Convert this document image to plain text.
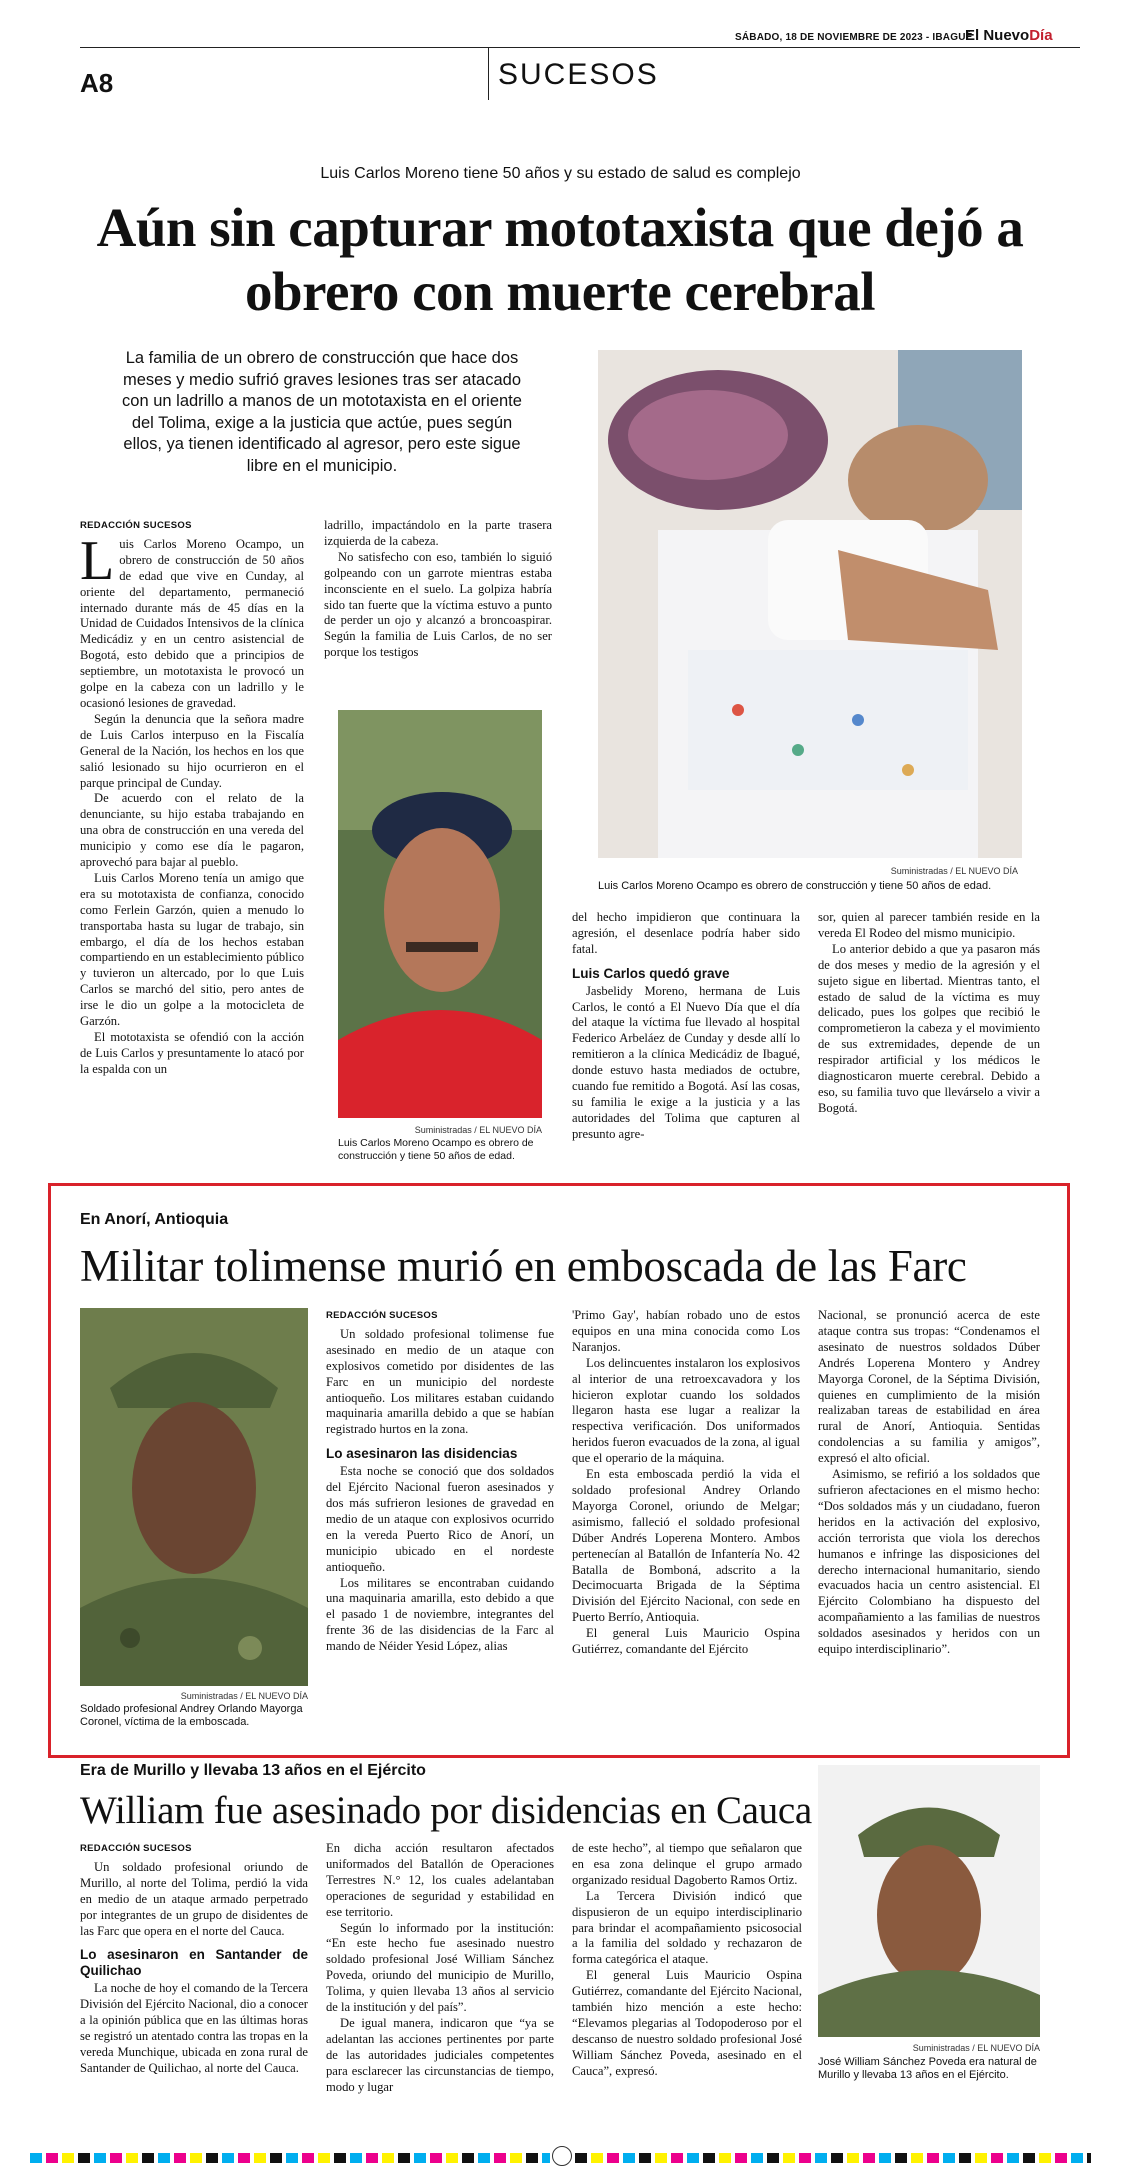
SÁBADO, 18 DE NOVIEMBRE DE 2023 - IBAGUÉ
El NuevoDía
A8	SUCESOS
Luis Carlos Moreno tiene 50 años y su estado de salud es complejo
Aún sin capturar mototaxista que dejó a obrero con muerte cerebral
La familia de un obrero de construcción que hace dos meses y medio sufrió graves lesiones tras ser atacado con un ladrillo a manos de un mototaxista en el oriente del Tolima, exige a la justicia que actúe, pues según ellos, ya tienen identificado al agresor, pero este sigue libre en el municipio.
Suministradas / EL NUEVO DÍA
Luis Carlos Moreno Ocampo es obrero de construcción y tiene 50 años de edad.
REDACCIÓN SUCESOS

Luis Carlos Moreno Ocampo, un obrero de construcción de 50 años de edad que vive en Cunday, al oriente del departamento, permaneció internado durante más de 45 días en la Unidad de Cuidados Intensivos de la clínica Medicádiz y en un centro asistencial de Bogotá, esto debido que a principios de septiembre, un mototaxista le provocó un golpe en la cabeza con un ladrillo y le ocasionó lesiones de gravedad.

Según la denuncia que la señora madre de Luis Carlos interpuso en la Fiscalía General de la Nación, los hechos en los que salió lesionado su hijo ocurrieron en el parque principal de Cunday.

De acuerdo con el relato de la denunciante, su hijo estaba trabajando en una obra de construcción en una vereda del municipio y como ese día le pagaron, aprovechó para bajar al pueblo.

Luis Carlos Moreno tenía un amigo que era su mototaxista de confianza, conocido como Ferlein Garzón, quien a menudo lo transportaba hasta su lugar de trabajo, sin embargo, el día de los hechos estaban compartiendo en un establecimiento público y tuvieron un altercado, por lo que Luis Carlos se marchó del sitio, pero antes de irse le dio un golpe a la motocicleta de Garzón.

El mototaxista se ofendió con la acción de Luis Carlos y presuntamente lo atacó por la espalda con un

ladrillo, impactándolo en la parte trasera izquierda de la cabeza.

No satisfecho con eso, también lo siguió golpeando con un garrote mientras estaba inconsciente en el suelo. La golpiza habría sido tan fuerte que la víctima estuvo a punto de perder un ojo y alcanzó a broncoaspirar. Según la familia de Luis Carlos, de no ser porque los testigos

Suministradas / EL NUEVO DÍA
Luis Carlos Moreno Ocampo es obrero de construcción y tiene 50 años de edad.

del hecho impidieron que continuara la agresión, el desenlace podría haber sido fatal.

Luis Carlos quedó grave

Jasbelidy Moreno, hermana de Luis Carlos, le contó a El Nuevo Día que el día del ataque la víctima fue llevado al hospital Federico Arbeláez de Cunday y desde allí lo remitieron a la clínica Medicádiz de Ibagué, donde estuvo hasta mediados de octubre, cuando fue remitido a Bogotá. Así las cosas, su familia le exige a la justicia y a las autoridades del Tolima que capturen al presunto agre-

sor, quien al parecer también reside en la vereda El Rodeo del mismo municipio.

Lo anterior debido a que ya pasaron más de dos meses y medio de la agresión y el sujeto sigue en libertad. Mientras tanto, el estado de salud de la víctima es muy delicado, pues los golpes que recibió le comprometieron la cabeza y el movimiento de sus extremidades, depende de un respirador artificial y los médicos le diagnosticaron muerte cerebral. Debido a eso, su familia tuvo que llevárselo a vivir a Bogotá.

En Anorí, Antioquia
Militar tolimense murió en emboscada de las Farc
Suministradas / EL NUEVO DÍA
Soldado profesional Andrey Orlando Mayorga Coronel, víctima de la emboscada.
REDACCIÓN SUCESOS

Un soldado profesional tolimense fue asesinado en medio de un ataque con explosivos cometido por disidentes de las Farc en un municipio del nordeste antioqueño. Los militares estaban cuidando maquinaria amarilla debido a que se habían registrado hurtos en la zona.

Lo asesinaron las disidencias

Esta noche se conoció que dos soldados del Ejército Nacional fueron asesinados y dos más sufrieron lesiones de gravedad en medio de un ataque con explosivos ocurrido en la vereda Puerto Rico de Anorí, un municipio ubicado en el nordeste antioqueño.

Los militares se encontraban cuidando una maquinaria amarilla, esto debido a que el pasado 1 de noviembre, integrantes del frente 36 de las disidencias de la Farc al mando de Néider Yesid López, alias

'Primo Gay', habían robado uno de estos equipos en una mina conocida como Los Naranjos.

Los delincuentes instalaron los explosivos al interior de una retroexcavadora y los hicieron explotar cuando los soldados llegaron hasta ese lugar a realizar la respectiva verificación. Dos uniformados heridos fueron evacuados de la zona, al igual que el operario de la máquina.

En esta emboscada perdió la vida el soldado profesional Andrey Orlando Mayorga Coronel, oriundo de Melgar; asimismo, falleció el soldado profesional Dúber Andrés Loperena Montero. Ambos pertenecían al Batallón de Infantería No. 42 Batalla de Bomboná, adscrito a la Decimocuarta Brigada de la Séptima División del Ejército Nacional, con sede en Puerto Berrío, Antioquia.

El general Luis Mauricio Ospina Gutiérrez, comandante del Ejército

Nacional, se pronunció acerca de este ataque contra sus tropas: “Condenamos el asesinato de nuestros soldados Dúber Andrés Loperena Montero y Andrey Mayorga Coronel, de la Séptima División, quienes en cumplimiento de la misión realizaban tareas de estabilidad en área rural de Anorí, Antioquia. Sentidas condolencias a su familia y amigos”, expresó el alto oficial.

Asimismo, se refirió a los soldados que sufrieron afectaciones en el mismo hecho: “Dos soldados más y un ciudadano, fueron heridos en la activación del explosivo, acción terrorista que viola los derechos humanos e infringe las disposiciones del derecho internacional humanitario, siendo evacuados hacia un centro asistencial. El Ejército Colombiano ha dispuesto del acompañamiento a las familias de nuestros soldados asesinados y heridos con un equipo interdisciplinario”.

Era de Murillo y llevaba 13 años en el Ejército
William fue asesinado por disidencias en Cauca
REDACCIÓN SUCESOS

Un soldado profesional oriundo de Murillo, al norte del Tolima, perdió la vida en medio de un ataque armado perpetrado por integrantes de un grupo de disidentes de las Farc que opera en el norte del Cauca.

Lo asesinaron en Santander de Quilichao

La noche de hoy el comando de la Tercera División del Ejército Nacional, dio a conocer a la opinión pública que en las últimas horas se registró un atentado contra las tropas en la vereda Munchique, ubicada en zona rural de Santander de Quilichao, al norte del Cauca.

En dicha acción resultaron afectados uniformados del Batallón de Operaciones Terrestres N.° 12, los cuales adelantaban operaciones de seguridad y estabilidad en ese territorio.

Según lo informado por la institución: “En este hecho fue asesinado nuestro soldado profesional José William Sánchez Poveda, oriundo del municipio de Murillo, Tolima, y quien llevaba 13 años al servicio de la institución y del país”.

De igual manera, indicaron que “ya se adelantan las acciones pertinentes por parte de las autoridades judiciales competentes para esclarecer las circunstancias de tiempo, modo y lugar

de este hecho”, al tiempo que señalaron que en esa zona delinque el grupo armado organizado residual Dagoberto Ramos Ortiz.

La Tercera División indicó que dispusieron de un equipo interdisciplinario para brindar el acompañamiento psicosocial a la familia del soldado y rechazaron de forma categórica el ataque.

El general Luis Mauricio Ospina Gutiérrez, comandante del Ejército Nacional, también hizo mención a este hecho: “Elevamos plegarias al Todopoderoso por el descanso de nuestro soldado profesional José William Sánchez Poveda, asesinado en el Cauca”, expresó.

Suministradas / EL NUEVO DÍA
José William Sánchez Poveda era natural de Murillo y llevaba 13 años en el Ejército.
